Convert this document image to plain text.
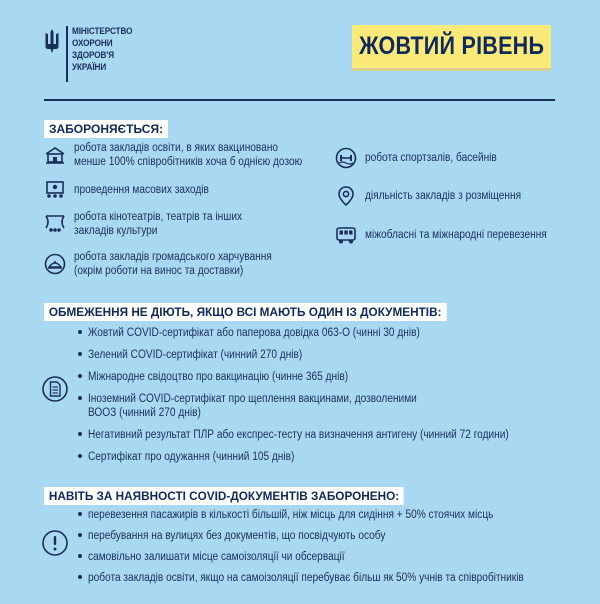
МІНІСТЕРСТВО
ОХОРОНИ
ЗДОРОВ'Я
УКРАЇНИ
ЖОВТИЙ РІВЕНЬ
ЗАБОРОНЯЄТЬСЯ:
робота закладів освіти, в яких вакциновано
менше 100% співробітників хоча б однією дозою
проведення масових заходів
робота кінотеатрів, театрів та інших
закладів культури
робота закладів громадського харчування
(окрім роботи на винос та доставки)
робота спортзалів, басейнів
діяльність закладів з розміщення
міжобласні та міжнародні перевезення
ОБМЕЖЕННЯ НЕ ДІЮТЬ, ЯКЩО ВСІ МАЮТЬ ОДИН ІЗ ДОКУМЕНТІВ:
Жовтий COVID-сертифікат або паперова довідка 063-О (чинні 30 днів)
Зелений COVID-сертифікат (чинний 270 днів)
Міжнародне свідоцтво про вакцинацію (чинне 365 днів)
Іноземний COVID-сертифікат про щеплення вакцинами, дозволеними
ВООЗ (чинний 270 днів)
Негативний результат ПЛР або експрес-тесту на визначення антигену (чинний 72 години)
Сертифікат про одужання (чинний 105 днів)
НАВІТЬ ЗА НАЯВНОСТІ COVID-ДОКУМЕНТІВ ЗАБОРОНЕНО:
перевезення пасажирів в кількості більшій, ніж місць для сидіння + 50% стоячих місць
перебування на вулицях без документів, що посвідчують особу
самовільно залишати місце самоізоляції чи обсервації
робота закладів освіти, якщо на самоізоляції перебуває більш як 50% учнів та співробітників
